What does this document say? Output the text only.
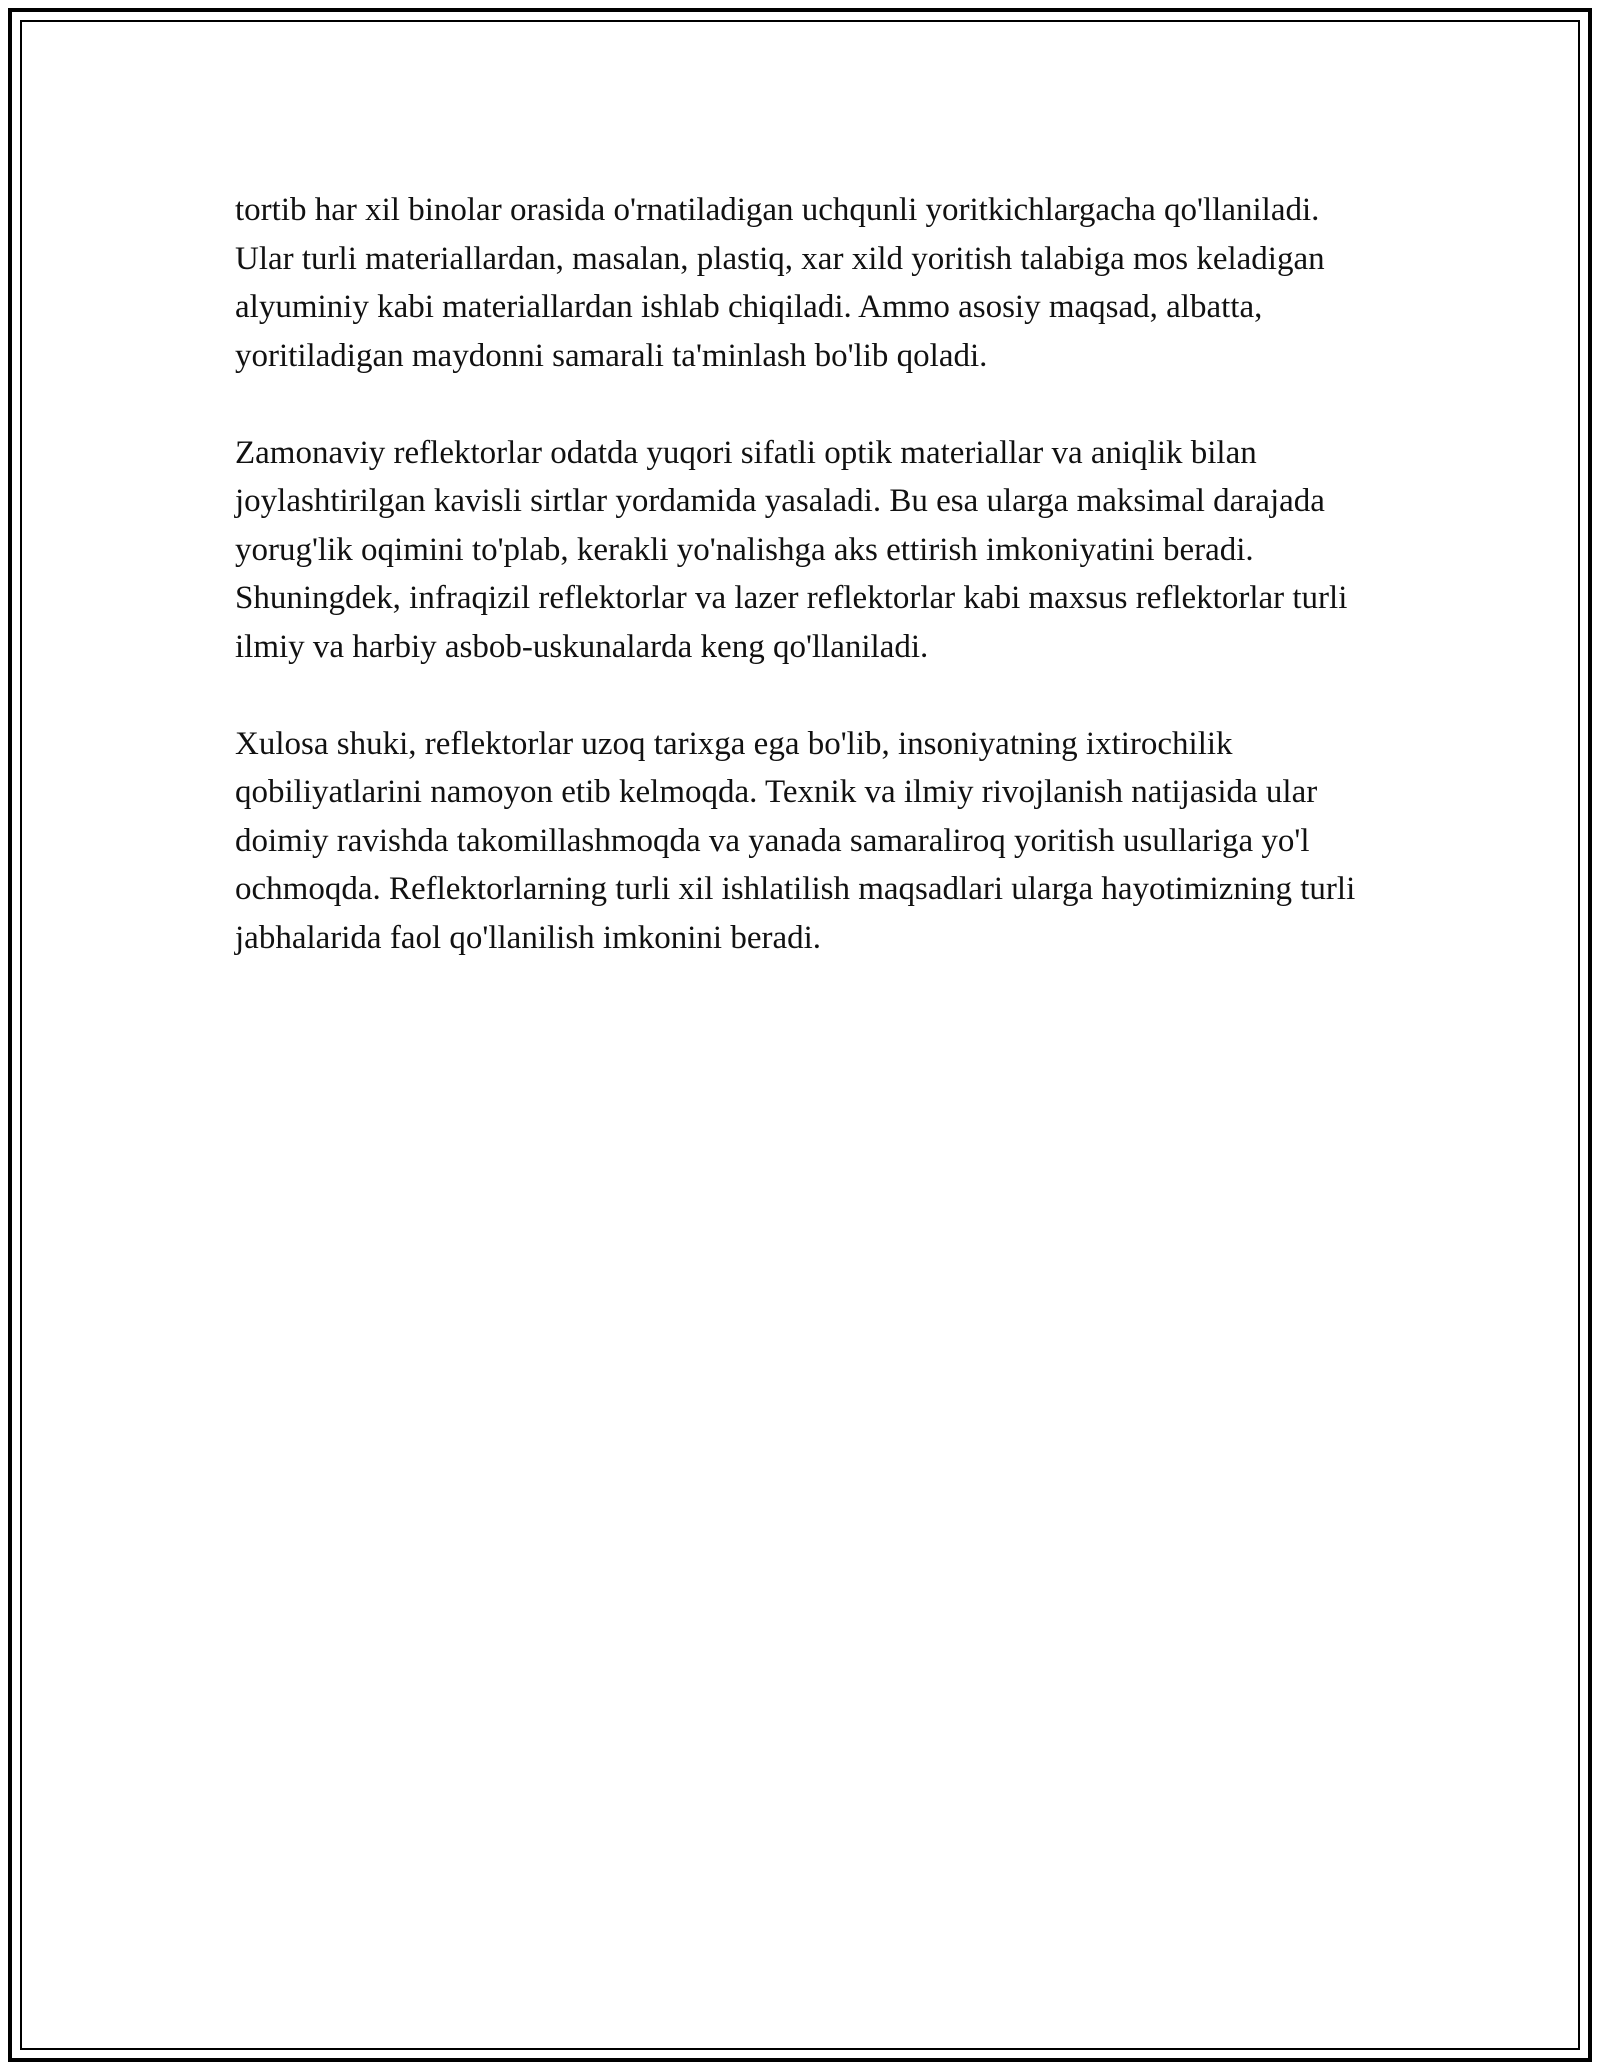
tortib har xil binolar orasida o'rnatiladigan uchqunli yoritkichlargacha qo'llaniladi. Ular turli materiallardan, masalan, plastiq, xar xild yoritish talabiga mos keladigan alyuminiy kabi materiallardan ishlab chiqiladi. Ammo asosiy maqsad, albatta, yoritiladigan maydonni samarali ta'minlash bo'lib qoladi.

Zamonaviy reflektorlar odatda yuqori sifatli optik materiallar va aniqlik bilan joylashtirilgan kavisli sirtlar yordamida yasaladi. Bu esa ularga maksimal darajada yorug'lik oqimini to'plab, kerakli yo'nalishga aks ettirish imkoniyatini beradi. Shuningdek, infraqizil reflektorlar va lazer reflektorlar kabi maxsus reflektorlar turli ilmiy va harbiy asbob-uskunalarda keng qo'llaniladi.

Xulosa shuki, reflektorlar uzoq tarixga ega bo'lib, insoniyatning ixtirochilik qobiliyatlarini namoyon etib kelmoqda. Texnik va ilmiy rivojlanish natijasida ular doimiy ravishda takomillashmoqda va yanada samaraliroq yoritish usullariga yo'l ochmoqda. Reflektorlarning turli xil ishlatilish maqsadlari ularga hayotimizning turli jabhalarida faol qo'llanilish imkonini beradi.
